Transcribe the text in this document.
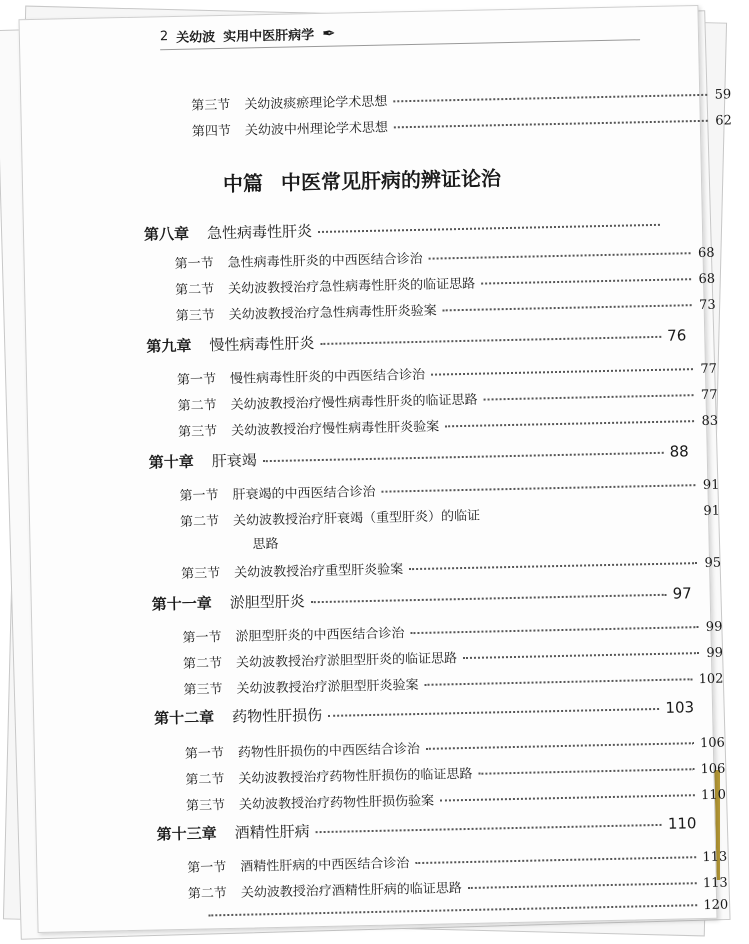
2 关幼波 实用中医肝病学 ✒
中篇 中医常见肝病的辨证论治
第三节 关幼波痰瘀理论学术思想	59
第四节 关幼波中州理论学术思想	62
第八章 急性病毒性肝炎
第一节 急性病毒性肝炎的中西医结合诊治	68
第二节 关幼波教授治疗急性病毒性肝炎的临证思路	68
第三节 关幼波教授治疗急性病毒性肝炎验案	73
第九章 慢性病毒性肝炎	76
第一节 慢性病毒性肝炎的中西医结合诊治	77
第二节 关幼波教授治疗慢性病毒性肝炎的临证思路	77
第三节 关幼波教授治疗慢性病毒性肝炎验案	83
第十章 肝衰竭	88
第一节 肝衰竭的中西医结合诊治	91
第二节 关幼波教授治疗肝衰竭（重型肝炎）的临证	91
思路
第三节 关幼波教授治疗重型肝炎验案	95
第十一章 淤胆型肝炎	97
第一节 淤胆型肝炎的中西医结合诊治	99
第二节 关幼波教授治疗淤胆型肝炎的临证思路	99
第三节 关幼波教授治疗淤胆型肝炎验案	102
第十二章 药物性肝损伤	103
第一节 药物性肝损伤的中西医结合诊治	106
第二节 关幼波教授治疗药物性肝损伤的临证思路	106
第三节 关幼波教授治疗药物性肝损伤验案	110
第十三章 酒精性肝病	110
第一节 酒精性肝病的中西医结合诊治	113
第二节 关幼波教授治疗酒精性肝病的临证思路	113
120
